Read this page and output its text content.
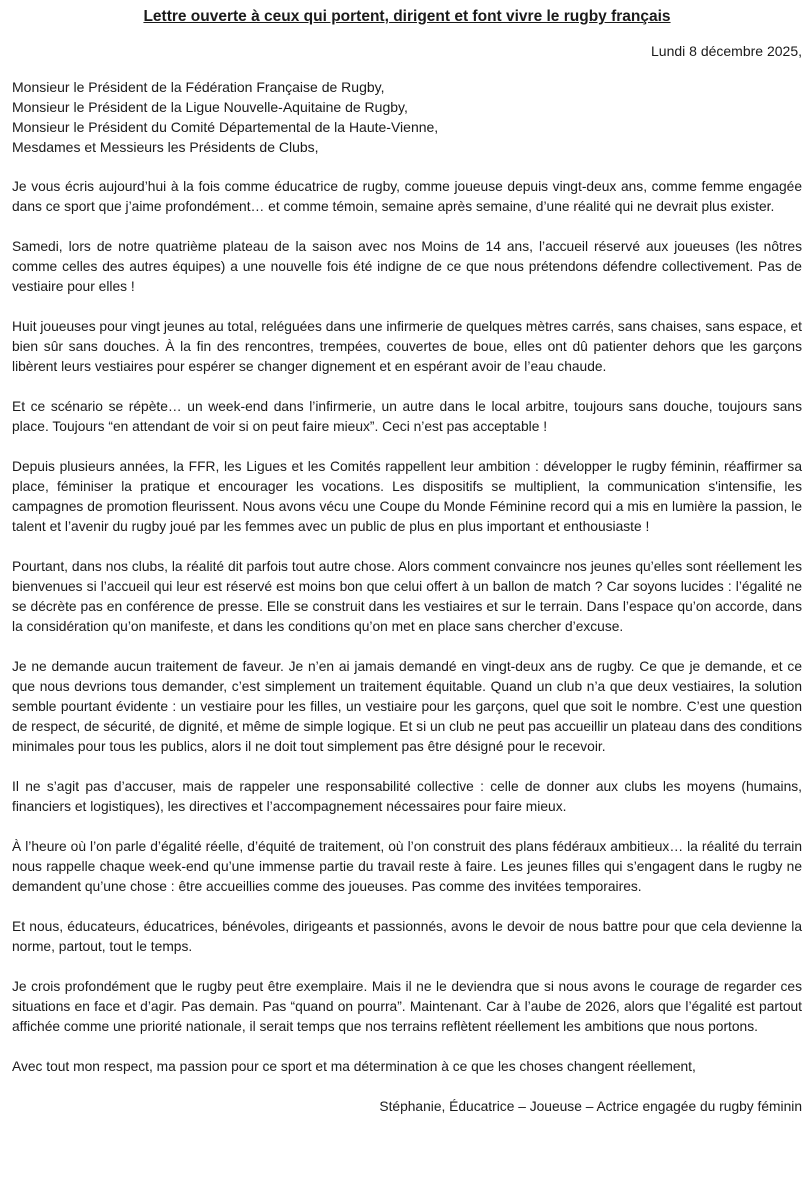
Lettre ouverte à ceux qui portent, dirigent et font vivre le rugby français

Lundi 8 décembre 2025,

Monsieur le Président de la Fédération Française de Rugby,
Monsieur le Président de la Ligue Nouvelle-Aquitaine de Rugby,
Monsieur le Président du Comité Départemental de la Haute-Vienne,
Mesdames et Messieurs les Présidents de Clubs,

Je vous écris aujourd’hui à la fois comme éducatrice de rugby, comme joueuse depuis vingt-deux ans, comme femme engagée dans ce sport que j’aime profondément… et comme témoin, semaine après semaine, d’une réalité qui ne devrait plus exister.

Samedi, lors de notre quatrième plateau de la saison avec nos Moins de 14 ans, l’accueil réservé aux joueuses (les nôtres comme celles des autres équipes) a une nouvelle fois été indigne de ce que nous prétendons défendre collectivement. Pas de vestiaire pour elles !

Huit joueuses pour vingt jeunes au total, reléguées dans une infirmerie de quelques mètres carrés, sans chaises, sans espace, et bien sûr sans douches. À la fin des rencontres, trempées, couvertes de boue, elles ont dû patienter dehors que les garçons libèrent leurs vestiaires pour espérer se changer dignement et en espérant avoir de l’eau chaude.

Et ce scénario se répète… un week-end dans l’infirmerie, un autre dans le local arbitre, toujours sans douche, toujours sans place. Toujours “en attendant de voir si on peut faire mieux”. Ceci n’est pas acceptable !

Depuis plusieurs années, la FFR, les Ligues et les Comités rappellent leur ambition : développer le rugby féminin, réaffirmer sa place, féminiser la pratique et encourager les vocations. Les dispositifs se multiplient, la communication s'intensifie, les campagnes de promotion fleurissent. Nous avons vécu une Coupe du Monde Féminine record qui a mis en lumière la passion, le talent et l’avenir du rugby joué par les femmes avec un public de plus en plus important et enthousiaste !

Pourtant, dans nos clubs, la réalité dit parfois tout autre chose. Alors comment convaincre nos jeunes qu’elles sont réellement les bienvenues si l’accueil qui leur est réservé est moins bon que celui offert à un ballon de match ? Car soyons lucides : l’égalité ne se décrète pas en conférence de presse. Elle se construit dans les vestiaires et sur le terrain. Dans l’espace qu’on accorde, dans la considération qu’on manifeste, et dans les conditions qu’on met en place sans chercher d’excuse.

Je ne demande aucun traitement de faveur. Je n’en ai jamais demandé en vingt-deux ans de rugby. Ce que je demande, et ce que nous devrions tous demander, c’est simplement un traitement équitable. Quand un club n’a que deux vestiaires, la solution semble pourtant évidente : un vestiaire pour les filles, un vestiaire pour les garçons, quel que soit le nombre. C’est une question de respect, de sécurité, de dignité, et même de simple logique. Et si un club ne peut pas accueillir un plateau dans des conditions minimales pour tous les publics, alors il ne doit tout simplement pas être désigné pour le recevoir.

Il ne s’agit pas d’accuser, mais de rappeler une responsabilité collective : celle de donner aux clubs les moyens (humains, financiers et logistiques), les directives et l’accompagnement nécessaires pour faire mieux.

À l’heure où l’on parle d’égalité réelle, d’équité de traitement, où l’on construit des plans fédéraux ambitieux… la réalité du terrain nous rappelle chaque week-end qu’une immense partie du travail reste à faire. Les jeunes filles qui s’engagent dans le rugby ne demandent qu’une chose : être accueillies comme des joueuses. Pas comme des invitées temporaires.

Et nous, éducateurs, éducatrices, bénévoles, dirigeants et passionnés, avons le devoir de nous battre pour que cela devienne la norme, partout, tout le temps.

Je crois profondément que le rugby peut être exemplaire. Mais il ne le deviendra que si nous avons le courage de regarder ces situations en face et d’agir. Pas demain. Pas “quand on pourra”. Maintenant. Car à l’aube de 2026, alors que l’égalité est partout affichée comme une priorité nationale, il serait temps que nos terrains reflètent réellement les ambitions que nous portons.

Avec tout mon respect, ma passion pour ce sport et ma détermination à ce que les choses changent réellement,

Stéphanie, Éducatrice – Joueuse – Actrice engagée du rugby féminin
